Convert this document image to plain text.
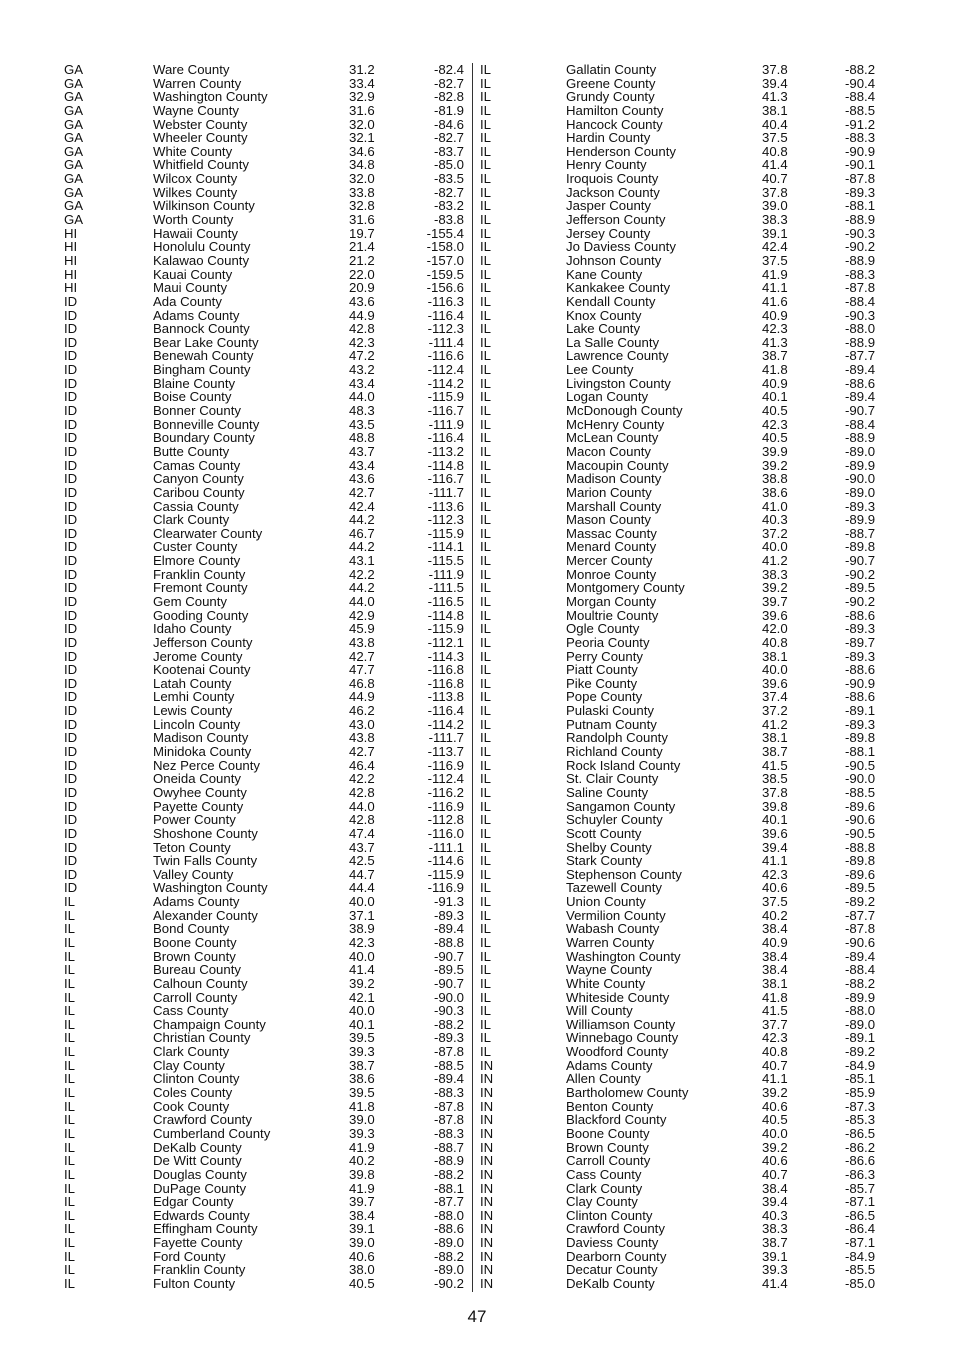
GA	Ware County	31.2	-82.4
GA	Warren County	33.4	-82.7
GA	Washington County	32.9	-82.8
GA	Wayne County	31.6	-81.9
GA	Webster County	32.0	-84.6
GA	Wheeler County	32.1	-82.7
GA	White County	34.6	-83.7
GA	Whitfield County	34.8	-85.0
GA	Wilcox County	32.0	-83.5
GA	Wilkes County	33.8	-82.7
GA	Wilkinson County	32.8	-83.2
GA	Worth County	31.6	-83.8
HI	Hawaii County	19.7	-155.4
HI	Honolulu County	21.4	-158.0
HI	Kalawao County	21.2	-157.0
HI	Kauai County	22.0	-159.5
HI	Maui County	20.9	-156.6
ID	Ada County	43.6	-116.3
ID	Adams County	44.9	-116.4
ID	Bannock County	42.8	-112.3
ID	Bear Lake County	42.3	-111.4
ID	Benewah County	47.2	-116.6
ID	Bingham County	43.2	-112.4
ID	Blaine County	43.4	-114.2
ID	Boise County	44.0	-115.9
ID	Bonner County	48.3	-116.7
ID	Bonneville County	43.5	-111.9
ID	Boundary County	48.8	-116.4
ID	Butte County	43.7	-113.2
ID	Camas County	43.4	-114.8
ID	Canyon County	43.6	-116.7
ID	Caribou County	42.7	-111.7
ID	Cassia County	42.4	-113.6
ID	Clark County	44.2	-112.3
ID	Clearwater County	46.7	-115.9
ID	Custer County	44.2	-114.1
ID	Elmore County	43.1	-115.5
ID	Franklin County	42.2	-111.9
ID	Fremont County	44.2	-111.5
ID	Gem County	44.0	-116.5
ID	Gooding County	42.9	-114.8
ID	Idaho County	45.9	-115.9
ID	Jefferson County	43.8	-112.1
ID	Jerome County	42.7	-114.3
ID	Kootenai County	47.7	-116.8
ID	Latah County	46.8	-116.8
ID	Lemhi County	44.9	-113.8
ID	Lewis County	46.2	-116.4
ID	Lincoln County	43.0	-114.2
ID	Madison County	43.8	-111.7
ID	Minidoka County	42.7	-113.7
ID	Nez Perce County	46.4	-116.9
ID	Oneida County	42.2	-112.4
ID	Owyhee County	42.8	-116.2
ID	Payette County	44.0	-116.9
ID	Power County	42.8	-112.8
ID	Shoshone County	47.4	-116.0
ID	Teton County	43.7	-111.1
ID	Twin Falls County	42.5	-114.6
ID	Valley County	44.7	-115.9
ID	Washington County	44.4	-116.9
IL	Adams County	40.0	-91.3
IL	Alexander County	37.1	-89.3
IL	Bond County	38.9	-89.4
IL	Boone County	42.3	-88.8
IL	Brown County	40.0	-90.7
IL	Bureau County	41.4	-89.5
IL	Calhoun County	39.2	-90.7
IL	Carroll County	42.1	-90.0
IL	Cass County	40.0	-90.3
IL	Champaign County	40.1	-88.2
IL	Christian County	39.5	-89.3
IL	Clark County	39.3	-87.8
IL	Clay County	38.7	-88.5
IL	Clinton County	38.6	-89.4
IL	Coles County	39.5	-88.3
IL	Cook County	41.8	-87.8
IL	Crawford County	39.0	-87.8
IL	Cumberland County	39.3	-88.3
IL	DeKalb County	41.9	-88.7
IL	De Witt County	40.2	-88.9
IL	Douglas County	39.8	-88.2
IL	DuPage County	41.9	-88.1
IL	Edgar County	39.7	-87.7
IL	Edwards County	38.4	-88.0
IL	Effingham County	39.1	-88.6
IL	Fayette County	39.0	-89.0
IL	Ford County	40.6	-88.2
IL	Franklin County	38.0	-89.0
IL	Fulton County	40.5	-90.2
IL	Gallatin County	37.8	-88.2
IL	Greene County	39.4	-90.4
IL	Grundy County	41.3	-88.4
IL	Hamilton County	38.1	-88.5
IL	Hancock County	40.4	-91.2
IL	Hardin County	37.5	-88.3
IL	Henderson County	40.8	-90.9
IL	Henry County	41.4	-90.1
IL	Iroquois County	40.7	-87.8
IL	Jackson County	37.8	-89.3
IL	Jasper County	39.0	-88.1
IL	Jefferson County	38.3	-88.9
IL	Jersey County	39.1	-90.3
IL	Jo Daviess County	42.4	-90.2
IL	Johnson County	37.5	-88.9
IL	Kane County	41.9	-88.3
IL	Kankakee County	41.1	-87.8
IL	Kendall County	41.6	-88.4
IL	Knox County	40.9	-90.3
IL	Lake County	42.3	-88.0
IL	La Salle County	41.3	-88.9
IL	Lawrence County	38.7	-87.7
IL	Lee County	41.8	-89.4
IL	Livingston County	40.9	-88.6
IL	Logan County	40.1	-89.4
IL	McDonough County	40.5	-90.7
IL	McHenry County	42.3	-88.4
IL	McLean County	40.5	-88.9
IL	Macon County	39.9	-89.0
IL	Macoupin County	39.2	-89.9
IL	Madison County	38.8	-90.0
IL	Marion County	38.6	-89.0
IL	Marshall County	41.0	-89.3
IL	Mason County	40.3	-89.9
IL	Massac County	37.2	-88.7
IL	Menard County	40.0	-89.8
IL	Mercer County	41.2	-90.7
IL	Monroe County	38.3	-90.2
IL	Montgomery County	39.2	-89.5
IL	Morgan County	39.7	-90.2
IL	Moultrie County	39.6	-88.6
IL	Ogle County	42.0	-89.3
IL	Peoria County	40.8	-89.7
IL	Perry County	38.1	-89.3
IL	Piatt County	40.0	-88.6
IL	Pike County	39.6	-90.9
IL	Pope County	37.4	-88.6
IL	Pulaski County	37.2	-89.1
IL	Putnam County	41.2	-89.3
IL	Randolph County	38.1	-89.8
IL	Richland County	38.7	-88.1
IL	Rock Island County	41.5	-90.5
IL	St. Clair County	38.5	-90.0
IL	Saline County	37.8	-88.5
IL	Sangamon County	39.8	-89.6
IL	Schuyler County	40.1	-90.6
IL	Scott County	39.6	-90.5
IL	Shelby County	39.4	-88.8
IL	Stark County	41.1	-89.8
IL	Stephenson County	42.3	-89.6
IL	Tazewell County	40.6	-89.5
IL	Union County	37.5	-89.2
IL	Vermilion County	40.2	-87.7
IL	Wabash County	38.4	-87.8
IL	Warren County	40.9	-90.6
IL	Washington County	38.4	-89.4
IL	Wayne County	38.4	-88.4
IL	White County	38.1	-88.2
IL	Whiteside County	41.8	-89.9
IL	Will County	41.5	-88.0
IL	Williamson County	37.7	-89.0
IL	Winnebago County	42.3	-89.1
IL	Woodford County	40.8	-89.2
IN	Adams County	40.7	-84.9
IN	Allen County	41.1	-85.1
IN	Bartholomew County	39.2	-85.9
IN	Benton County	40.6	-87.3
IN	Blackford County	40.5	-85.3
IN	Boone County	40.0	-86.5
IN	Brown County	39.2	-86.2
IN	Carroll County	40.6	-86.6
IN	Cass County	40.7	-86.3
IN	Clark County	38.4	-85.7
IN	Clay County	39.4	-87.1
IN	Clinton County	40.3	-86.5
IN	Crawford County	38.3	-86.4
IN	Daviess County	38.7	-87.1
IN	Dearborn County	39.1	-84.9
IN	Decatur County	39.3	-85.5
IN	DeKalb County	41.4	-85.0
47
